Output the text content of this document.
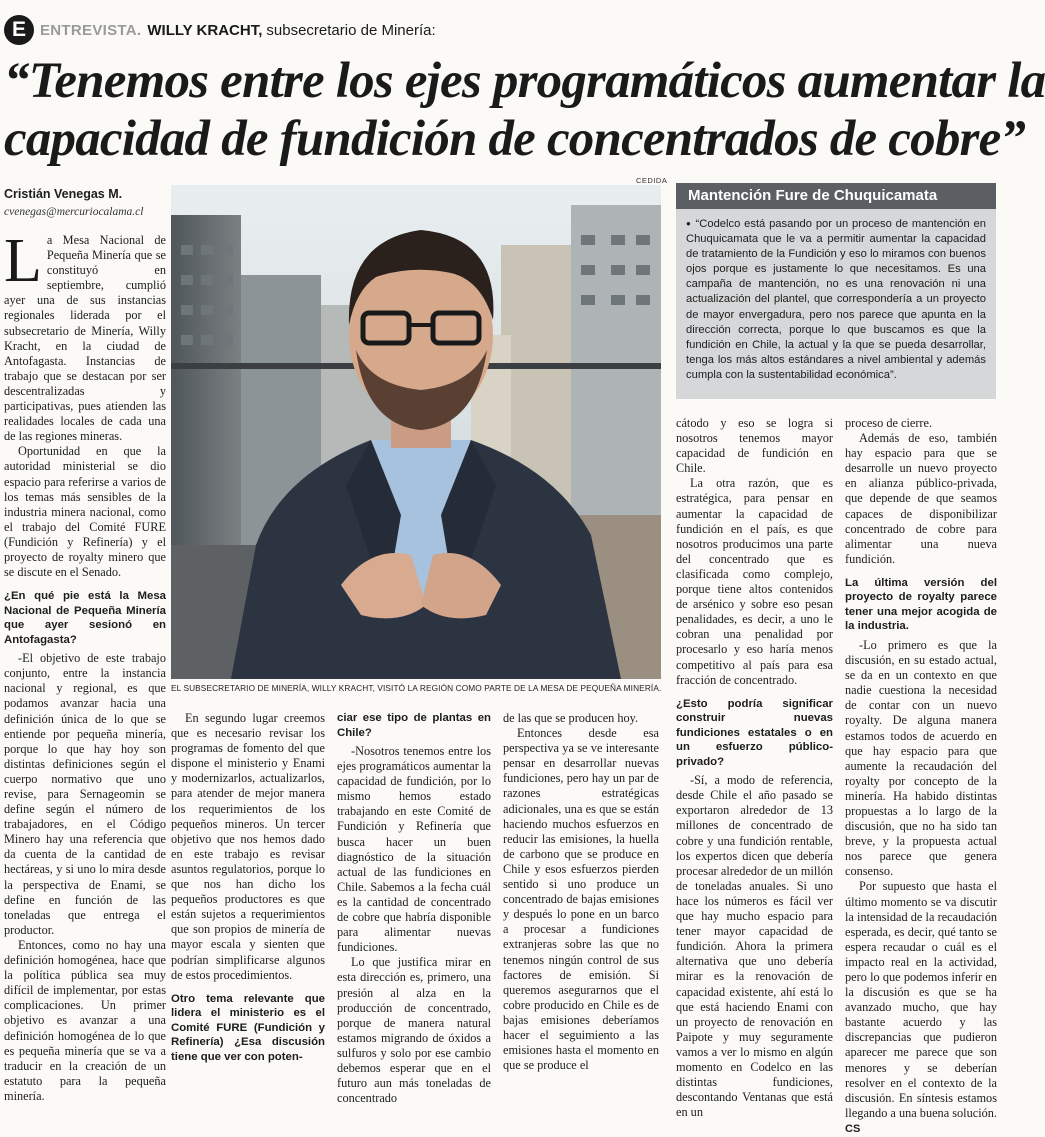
E ENTREVISTA. WILLY KRACHT, subsecretario de Minería:
“Tenemos entre los ejes programáticos aumentar la
capacidad de fundición de concentrados de cobre”
Cristián Venegas M.
cvenegas@mercuriocalama.cl

La Mesa Nacional de Pequeña Minería que se constituyó en septiembre, cumplió ayer una de sus instancias regionales liderada por el subsecretario de Minería, Willy Kracht, en la ciudad de Antofagasta. Instancias de trabajo que se destacan por ser descentralizadas y participativas, pues atienden las realidades locales de cada una de las regiones mineras.

Oportunidad en que la autoridad ministerial se dio espacio para referirse a varios de los temas más sensibles de la industria minera nacional, como el trabajo del Comité FURE (Fundición y Refinería) y el proyecto de royalty minero que se discute en el Senado.

¿En qué pie está la Mesa Nacional de Pequeña Minería que ayer sesionó en Antofagasta?

-El objetivo de este trabajo conjunto, entre la instancia nacional y regional, es que podamos avanzar hacia una definición única de lo que se entiende por pequeña minería, porque lo que hay hoy son distintas definiciones según el cuerpo normativo que uno revise, para Sernageomin se define según el número de trabajadores, en el Código Minero hay una referencia que da cuenta de la cantidad de hectáreas, y si uno lo mira desde la perspectiva de Enami, se define en función de las toneladas que entrega el productor.

Entonces, como no hay una definición homogénea, hace que la política pública sea muy difícil de implementar, por estas complicaciones. Un primer objetivo es avanzar a una definición homogénea de lo que es pequeña minería que se va a traducir en la creación de un estatuto para la pequeña minería.

CEDIDA
EL SUBSECRETARIO DE MINERÍA, WILLY KRACHT, VISITÓ LA REGIÓN COMO PARTE DE LA MESA DE PEQUEÑA MINERÍA.
Mantención Fure de Chuquicamata
● “Codelco está pasando por un proceso de mantención en Chuquicamata que le va a permitir aumentar la capacidad de tratamiento de la Fundición y eso lo miramos con buenos ojos porque es justamente lo que necesitamos. Es una campaña de mantención, no es una renovación ni una actualización del plantel, que correspondería a un proyecto de mayor envergadura, pero nos parece que apunta en la dirección correcta, porque lo que buscamos es que la fundición en Chile, la actual y la que se pueda desarrollar, tenga los más altos estándares a nivel ambiental y además cumpla con la sustentabilidad económica”.

En segundo lugar creemos que es necesario revisar los programas de fomento del que dispone el ministerio y Enami y modernizarlos, actualizarlos, para atender de mejor manera los requerimientos de los pequeños mineros. Un tercer objetivo que nos hemos dado en este trabajo es revisar asuntos regulatorios, porque lo que nos han dicho los pequeños productores es que están sujetos a requerimientos que son propios de minería de mayor escala y sienten que podrían simplificarse algunos de estos procedimientos.

Otro tema relevante que lidera el ministerio es el Comité FURE (Fundición y Refinería) ¿Esa discusión tiene que ver con poten-

ciar ese tipo de plantas en Chile?

-Nosotros tenemos entre los ejes programáticos aumentar la capacidad de fundición, por lo mismo hemos estado trabajando en este Comité de Fundición y Refinería que busca hacer un buen diagnóstico de la situación actual de las fundiciones en Chile. Sabemos a la fecha cuál es la cantidad de concentrado de cobre que habría disponible para alimentar nuevas fundiciones.

Lo que justifica mirar en esta dirección es, primero, una presión al alza en la producción de concentrado, porque de manera natural estamos migrando de óxidos a sulfuros y solo por ese cambio debemos esperar que en el futuro aun más toneladas de concentrado

de las que se producen hoy.

Entonces desde esa perspectiva ya se ve interesante pensar en desarrollar nuevas fundiciones, pero hay un par de razones estratégicas adicionales, una es que se están haciendo muchos esfuerzos en reducir las emisiones, la huella de carbono que se produce en Chile y esos esfuerzos pierden sentido si uno produce un concentrado de bajas emisiones y después lo pone en un barco a procesar a fundiciones extranjeras sobre las que no tenemos ningún control de sus factores de emisión. Si queremos asegurarnos que el cobre producido en Chile es de bajas emisiones deberíamos hacer el seguimiento a las emisiones hasta el momento en que se produce el

cátodo y eso se logra si nosotros tenemos mayor capacidad de fundición en Chile.

La otra razón, que es estratégica, para pensar en aumentar la capacidad de fundición en el país, es que nosotros producimos una parte del concentrado que es clasificada como complejo, porque tiene altos contenidos de arsénico y sobre eso pesan penalidades, es decir, a uno le cobran una penalidad por procesarlo y eso haría menos competitivo al país para esa fracción de concentrado.

¿Esto podría significar construir nuevas fundiciones estatales o en un esfuerzo público-privado?

-Sí, a modo de referencia, desde Chile el año pasado se exportaron alrededor de 13 millones de concentrado de cobre y una fundición rentable, los expertos dicen que debería procesar alrededor de un millón de toneladas anuales. Si uno hace los números es fácil ver que hay mucho espacio para tener mayor capacidad de fundición. Ahora la primera alternativa que uno debería mirar es la renovación de capacidad existente, ahí está lo que está haciendo Enami con un proyecto de renovación en Paipote y muy seguramente vamos a ver lo mismo en algún momento en Codelco en las distintas fundiciones, descontando Ventanas que está en un

proceso de cierre.

Además de eso, también hay espacio para que se desarrolle un nuevo proyecto en alianza público-privada, que depende de que seamos capaces de disponibilizar concentrado de cobre para alimentar una nueva fundición.

La última versión del proyecto de royalty parece tener una mejor acogida de la industria.

-Lo primero es que la discusión, en su estado actual, se da en un contexto en que nadie cuestiona la necesidad de contar con un nuevo royalty. De alguna manera estamos todos de acuerdo en que hay espacio para que aumente la recaudación del royalty por concepto de la minería. Ha habido distintas propuestas a lo largo de la discusión, que no ha sido tan breve, y la propuesta actual nos parece que genera consenso.

Por supuesto que hasta el último momento se va discutir la intensidad de la recaudación esperada, es decir, qué tanto se espera recaudar o cuál es el impacto real en la actividad, pero lo que podemos inferir en la discusión es que se ha avanzado mucho, que hay bastante acuerdo y las discrepancias que pudieron aparecer me parece que son menores y se deberían resolver en el contexto de la discusión. En síntesis estamos llegando a una buena solución. CS
